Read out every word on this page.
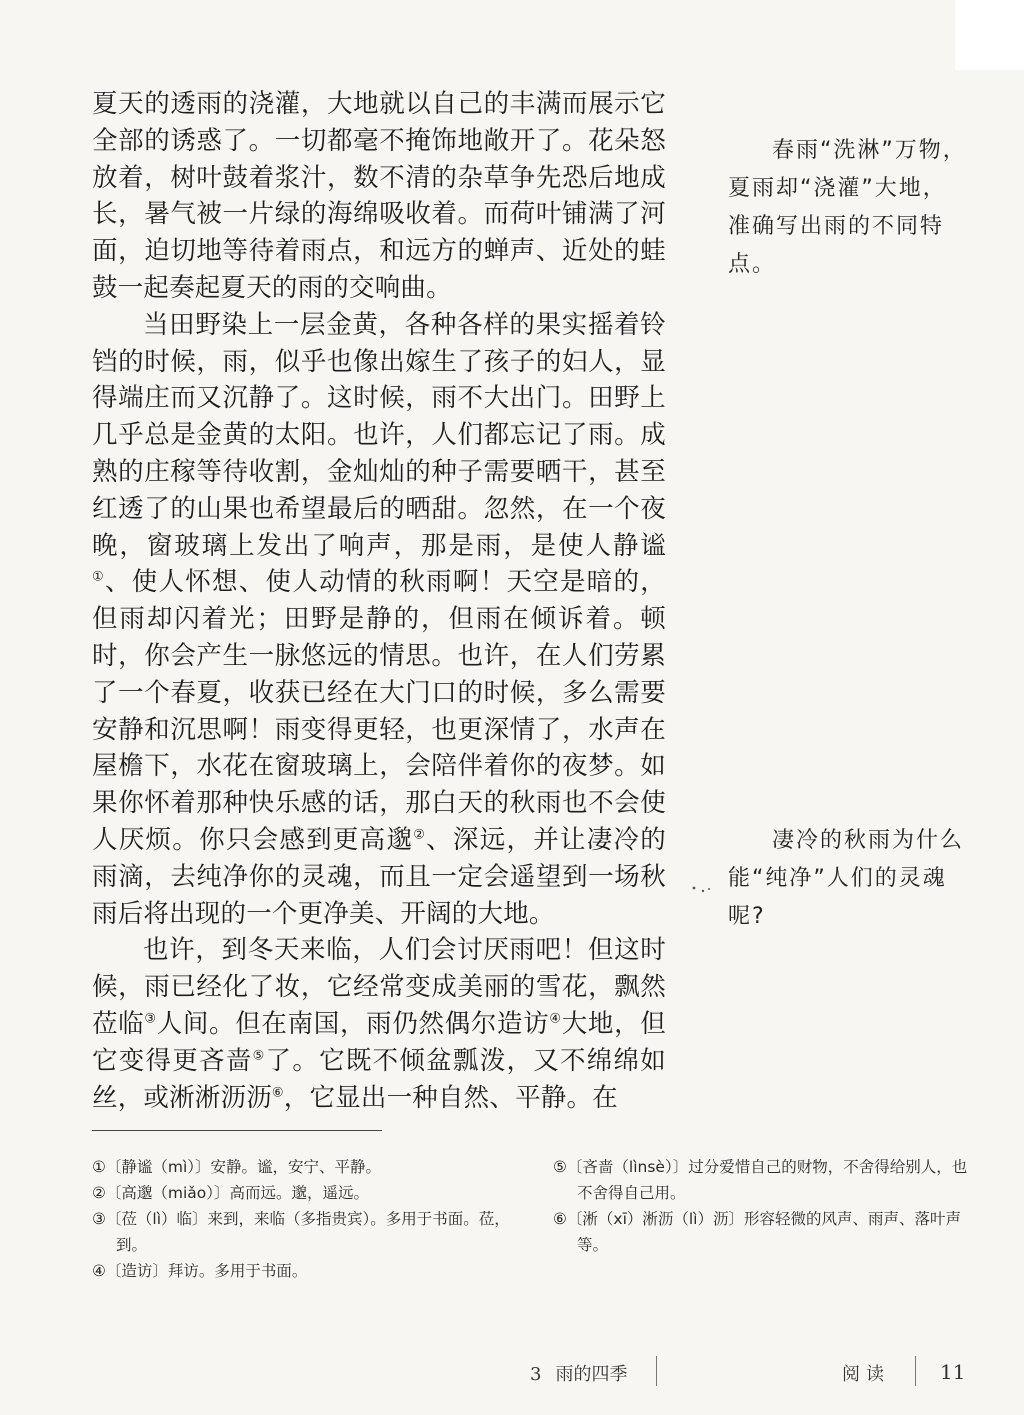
夏天的透雨的浇灌，大地就以自己的丰满而展示它全部的诱惑了。一切都毫不掩饰地敞开了。花朵怒放着，树叶鼓着浆汁，数不清的杂草争先恐后地成长，暑气被一片绿的海绵吸收着。而荷叶铺满了河面，迫切地等待着雨点，和远方的蝉声、近处的蛙鼓一起奏起夏天的雨的交响曲。

当田野染上一层金黄，各种各样的果实摇着铃铛的时候，雨，似乎也像出嫁生了孩子的妇人，显得端庄而又沉静了。这时候，雨不大出门。田野上几乎总是金黄的太阳。也许，人们都忘记了雨。成熟的庄稼等待收割，金灿灿的种子需要晒干，甚至红透了的山果也希望最后的晒甜。忽然，在一个夜晚，窗玻璃上发出了响声，那是雨，是使人静谧①、使人怀想、使人动情的秋雨啊！天空是暗的，但雨却闪着光；田野是静的，但雨在倾诉着。顿时，你会产生一脉悠远的情思。也许，在人们劳累了一个春夏，收获已经在大门口的时候，多么需要安静和沉思啊！雨变得更轻，也更深情了，水声在屋檐下，水花在窗玻璃上，会陪伴着你的夜梦。如果你怀着那种快乐感的话，那白天的秋雨也不会使人厌烦。你只会感到更高邈②、深远，并让凄冷的雨滴，去纯净你的灵魂，而且一定会遥望到一场秋雨后将出现的一个更净美、开阔的大地。

也许，到冬天来临，人们会讨厌雨吧！但这时候，雨已经化了妆，它经常变成美丽的雪花，飘然莅临③人间。但在南国，雨仍然偶尔造访④大地，但它变得更吝啬⑤了。它既不倾盆瓢泼，又不绵绵如丝，或淅淅沥沥⑥，它显出一种自然、平静。在

春雨“洗淋”万物，夏雨却“浇灌”大地，准确写出雨的不同特点。
凄冷的秋雨为什么能“纯净”人们的灵魂呢?

①〔静谧（mì）〕安静。谧，安宁、平静。

②〔高邈（miǎo）〕高而远。邈，遥远。

③〔莅（lì）临〕来到，来临（多指贵宾）。多用于书面。莅，到。

④〔造访〕拜访。多用于书面。

⑤〔吝啬（lìnsè）〕过分爱惜自己的财物，不舍得给别人，也不舍得自己用。

⑥〔淅（xī）淅沥（lì）沥〕形容轻微的风声、雨声、落叶声等。

3 雨的四季	阅读	11
